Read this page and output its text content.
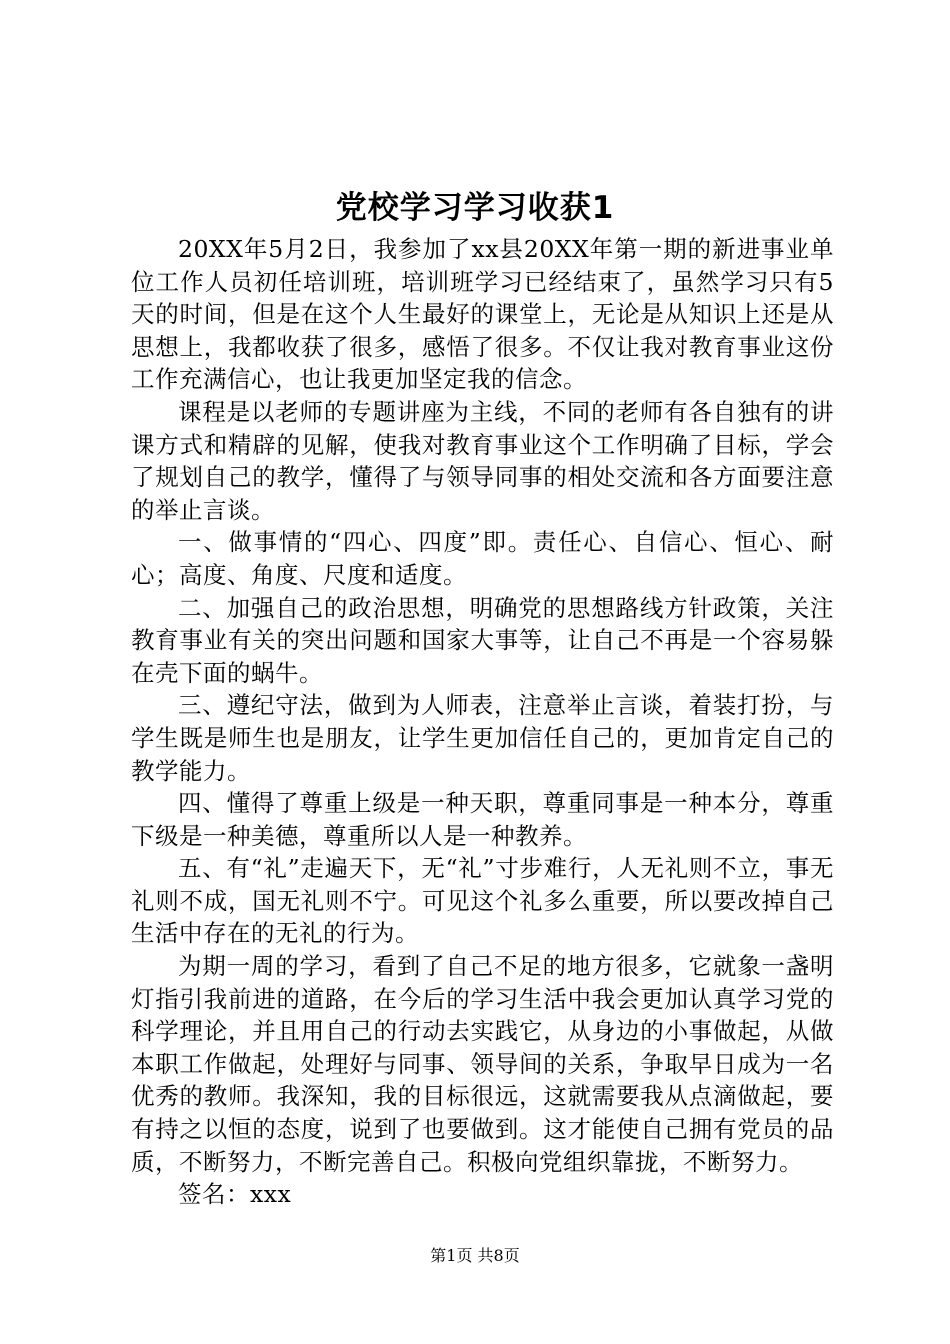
党校学习学习收获1

20XX年5月2日，我参加了xx县20XX年第一期的新进事业单位工作人员初任培训班，培训班学习已经结束了，虽然学习只有5天的时间，但是在这个人生最好的课堂上，无论是从知识上还是从思想上，我都收获了很多，感悟了很多。不仅让我对教育事业这份工作充满信心，也让我更加坚定我的信念。

课程是以老师的专题讲座为主线，不同的老师有各自独有的讲课方式和精辟的见解，使我对教育事业这个工作明确了目标，学会了规划自己的教学，懂得了与领导同事的相处交流和各方面要注意的举止言谈。

一、做事情的“四心、四度”即。责任心、自信心、恒心、耐心；高度、角度、尺度和适度。

二、加强自己的政治思想，明确党的思想路线方针政策，关注教育事业有关的突出问题和国家大事等，让自己不再是一个容易躲在壳下面的蜗牛。

三、遵纪守法，做到为人师表，注意举止言谈，着装打扮，与学生既是师生也是朋友，让学生更加信任自己的，更加肯定自己的教学能力。

四、懂得了尊重上级是一种天职，尊重同事是一种本分，尊重下级是一种美德，尊重所以人是一种教养。

五、有“礼”走遍天下，无“礼”寸步难行，人无礼则不立，事无礼则不成，国无礼则不宁。可见这个礼多么重要，所以要改掉自己生活中存在的无礼的行为。

为期一周的学习，看到了自己不足的地方很多，它就象一盏明灯指引我前进的道路，在今后的学习生活中我会更加认真学习党的科学理论，并且用自己的行动去实践它，从身边的小事做起，从做本职工作做起，处理好与同事、领导间的关系，争取早日成为一名优秀的教师。我深知，我的目标很远，这就需要我从点滴做起，要有持之以恒的态度，说到了也要做到。这才能使自己拥有党员的品质，不断努力，不断完善自己。积极向党组织靠拢，不断努力。

签名：xxx

第1页 共8页
